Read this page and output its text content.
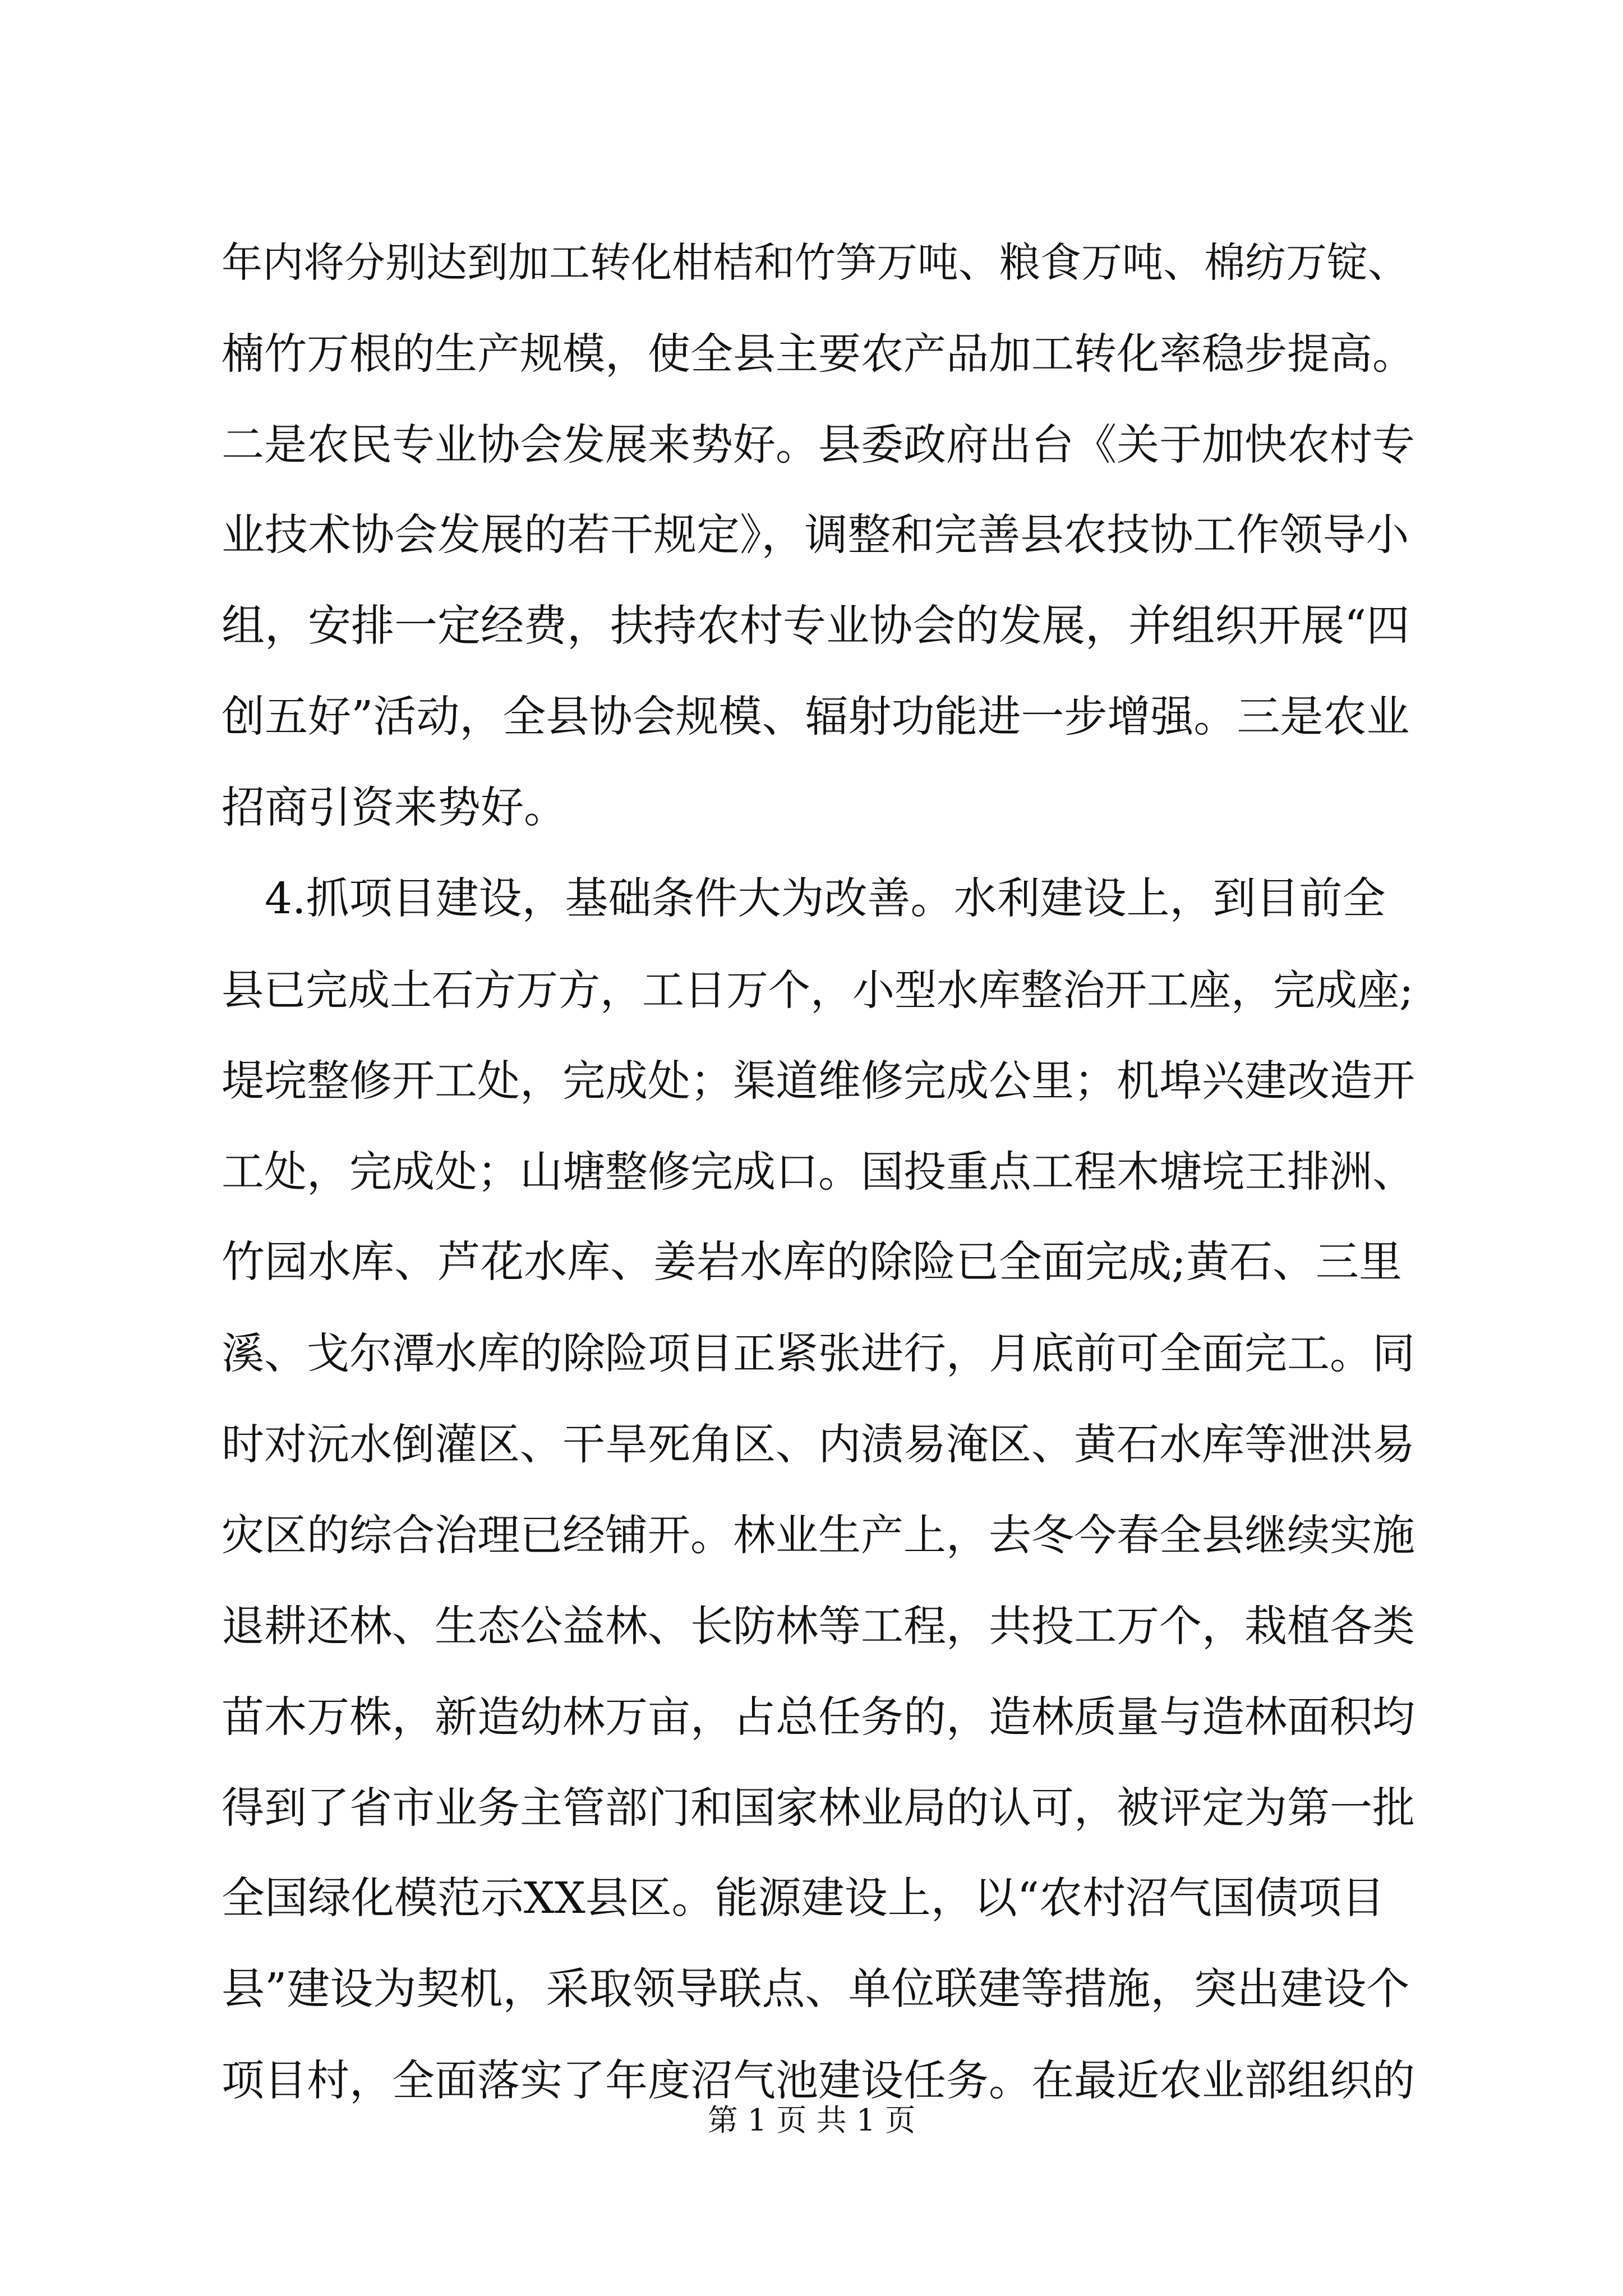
年内将分别达到加工转化柑桔和竹笋万吨、粮食万吨、棉纺万锭、
楠竹万根的生产规模，使全县主要农产品加工转化率稳步提高。
二是农民专业协会发展来势好。县委政府出台《关于加快农村专
业技术协会发展的若干规定》，调整和完善县农技协工作领导小
组，安排一定经费，扶持农村专业协会的发展，并组织开展“四
创五好”活动，全县协会规模、辐射功能进一步增强。三是农业
招商引资来势好。
　4.抓项目建设，基础条件大为改善。水利建设上，到目前全
县已完成土石方万方，工日万个，小型水库整治开工座，完成座;
堤垸整修开工处，完成处；渠道维修完成公里；机埠兴建改造开
工处，完成处；山塘整修完成口。国投重点工程木塘垸王排洲、
竹园水库、芦花水库、姜岩水库的除险已全面完成;黄石、三里
溪、戈尔潭水库的除险项目正紧张进行，月底前可全面完工。同
时对沅水倒灌区、干旱死角区、内渍易淹区、黄石水库等泄洪易
灾区的综合治理已经铺开。林业生产上，去冬今春全县继续实施
退耕还林、生态公益林、长防林等工程，共投工万个，栽植各类
苗木万株，新造幼林万亩，占总任务的，造林质量与造林面积均
得到了省市业务主管部门和国家林业局的认可，被评定为第一批
全国绿化模范示XX县区。能源建设上，以“农村沼气国债项目
县”建设为契机，采取领导联点、单位联建等措施，突出建设个
项目村，全面落实了年度沼气池建设任务。在最近农业部组织的
第 1 页 共 1 页
